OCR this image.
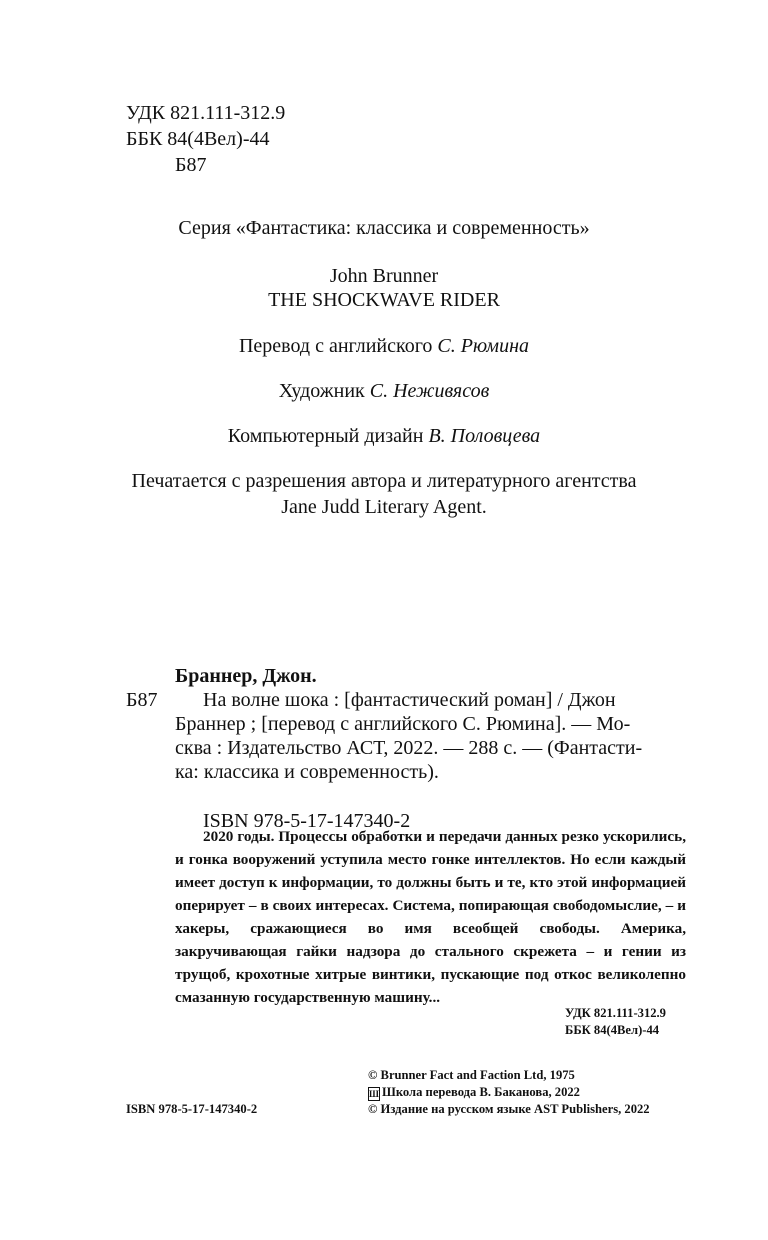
УДК 821.111-312.9
ББК 84(4Вел)-44
Б87
Серия «Фантастика: классика и современность»
John Brunner
THE SHOCKWAVE RIDER
Перевод с английского С. Рюмина
Художник С. Неживясов
Компьютерный дизайн В. Половцева
Печатается с разрешения автора и литературного агентства
Jane Judd Literary Agent.
Браннер, Джон.
Б87 На волне шока : [фантастический роман] / Джон
Браннер ; [перевод с английского С. Рюмина]. — Мо-
сква : Издательство АСТ, 2022. — 288 с. — (Фантасти-
ка: классика и современность).
ISBN 978-5-17-147340-2
2020 годы. Процессы обработки и передачи данных резко ускорились, и гонка вооружений уступила место гонке интеллектов. Но если каждый имеет доступ к информации, то должны быть и те, кто этой информацией оперирует – в своих интересах. Система, попирающая свободомыслие, – и хакеры, сражающиеся во имя всеобщей свободы. Америка, закручивающая гайки надзора до стального скрежета – и гении из трущоб, крохотные хитрые винтики, пускающие под откос великолепно смазанную государственную машину...
УДК 821.111-312.9
ББК 84(4Вел)-44
© Brunner Fact and Faction Ltd, 1975
Ш Школа перевода В. Баканова, 2022
ISBN 978-5-17-147340-2	© Издание на русском языке AST Publishers, 2022
